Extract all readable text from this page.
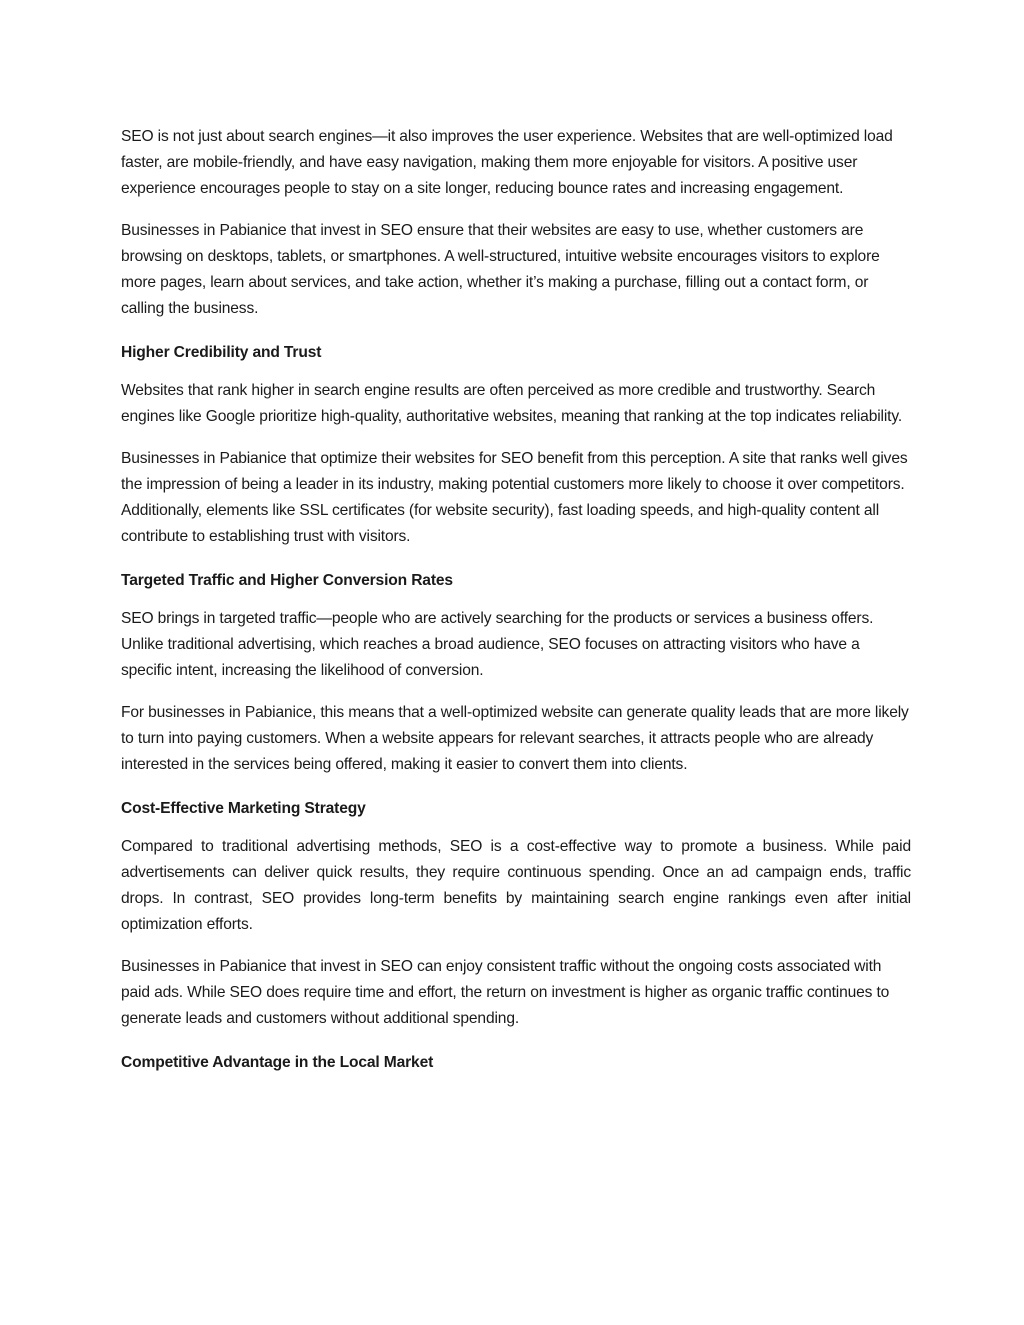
SEO is not just about search engines—it also improves the user experience. Websites that are well-optimized load faster, are mobile-friendly, and have easy navigation, making them more enjoyable for visitors. A positive user experience encourages people to stay on a site longer, reducing bounce rates and increasing engagement.

Businesses in Pabianice that invest in SEO ensure that their websites are easy to use, whether customers are browsing on desktops, tablets, or smartphones. A well-structured, intuitive website encourages visitors to explore more pages, learn about services, and take action, whether it’s making a purchase, filling out a contact form, or calling the business.

Higher Credibility and Trust

Websites that rank higher in search engine results are often perceived as more credible and trustworthy. Search engines like Google prioritize high-quality, authoritative websites, meaning that ranking at the top indicates reliability.

Businesses in Pabianice that optimize their websites for SEO benefit from this perception. A site that ranks well gives the impression of being a leader in its industry, making potential customers more likely to choose it over competitors. Additionally, elements like SSL certificates (for website security), fast loading speeds, and high-quality content all contribute to establishing trust with visitors.

Targeted Traffic and Higher Conversion Rates

SEO brings in targeted traffic—people who are actively searching for the products or services a business offers. Unlike traditional advertising, which reaches a broad audience, SEO focuses on attracting visitors who have a specific intent, increasing the likelihood of conversion.

For businesses in Pabianice, this means that a well-optimized website can generate quality leads that are more likely to turn into paying customers. When a website appears for relevant searches, it attracts people who are already interested in the services being offered, making it easier to convert them into clients.

Cost-Effective Marketing Strategy

Compared to traditional advertising methods, SEO is a cost-effective way to promote a business. While paid advertisements can deliver quick results, they require continuous spending. Once an ad campaign ends, traffic drops. In contrast, SEO provides long-term benefits by maintaining search engine rankings even after initial optimization efforts.

Businesses in Pabianice that invest in SEO can enjoy consistent traffic without the ongoing costs associated with paid ads. While SEO does require time and effort, the return on investment is higher as organic traffic continues to generate leads and customers without additional spending.

Competitive Advantage in the Local Market
